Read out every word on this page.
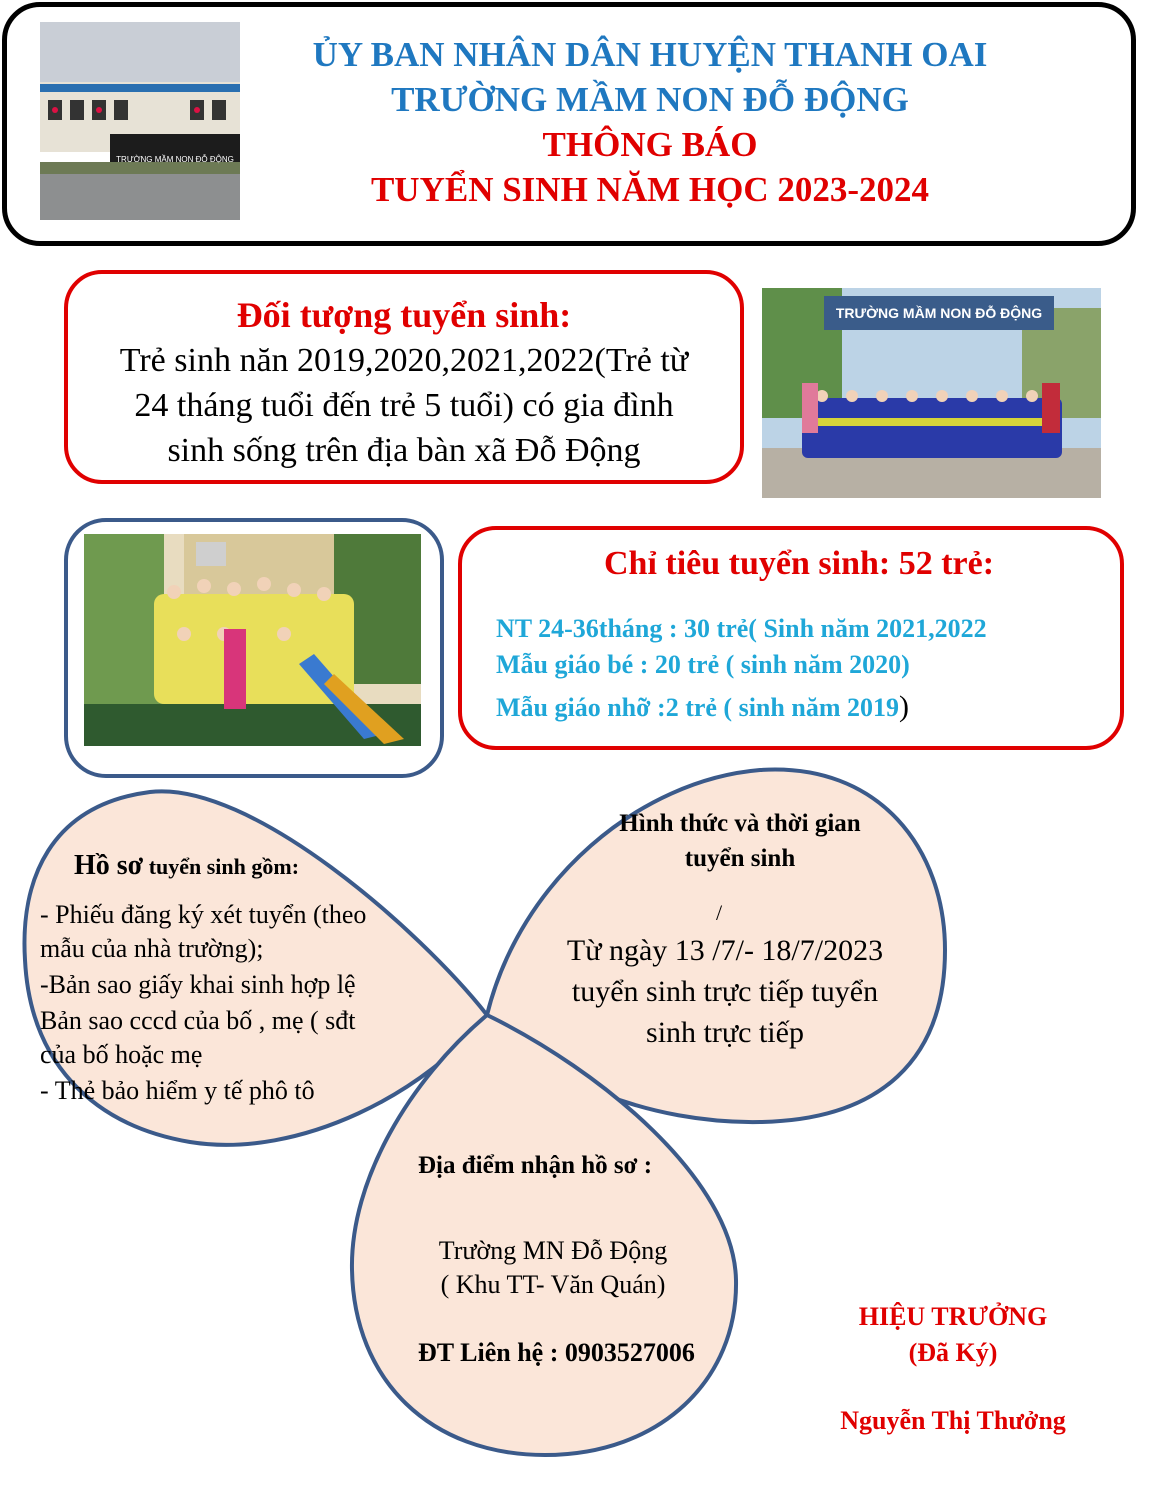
TRƯỜNG MẦM NON ĐỖ ĐỘNG
ỦY BAN NHÂN DÂN HUYỆN THANH OAI
TRƯỜNG MẦM NON ĐỖ ĐỘNG
THÔNG BÁO
TUYỂN SINH NĂM HỌC 2023-2024
Đối tượng tuyển sinh:
Trẻ sinh năn 2019,2020,2021,2022(Trẻ từ
24 tháng tuổi đến trẻ 5 tuổi) có gia đình
sinh sống trên địa bàn xã Đỗ Động
TRƯỜNG MẦM NON ĐỖ ĐỘNG
Chỉ tiêu tuyển sinh: 52 trẻ:
NT 24-36tháng : 30 trẻ( Sinh năm 2021,2022
Mẫu giáo bé : 20 trẻ ( sinh năm 2020)
Mẫu giáo nhỡ :2 trẻ ( sinh năm 2019)
Hồ sơ tuyển sinh gồm:
- Phiếu đăng ký xét tuyển (theo
mẫu của nhà trường);
-Bản sao giấy khai sinh hợp lệ
Bản sao cccd của bố , mẹ ( sđt
của bố hoặc mẹ
- Thẻ bảo hiểm y tế phô tô
Hình thức và thời gian
tuyển sinh
/
Từ ngày 13 /7/- 18/7/2023
tuyển sinh trực tiếp tuyển
sinh trực tiếp
Địa điểm nhận hồ sơ :
Trường MN Đỗ Động
( Khu TT- Văn Quán)
ĐT Liên hệ : 0903527006
HIỆU TRƯỞNG
(Đã Ký)
Nguyễn Thị Thưởng
